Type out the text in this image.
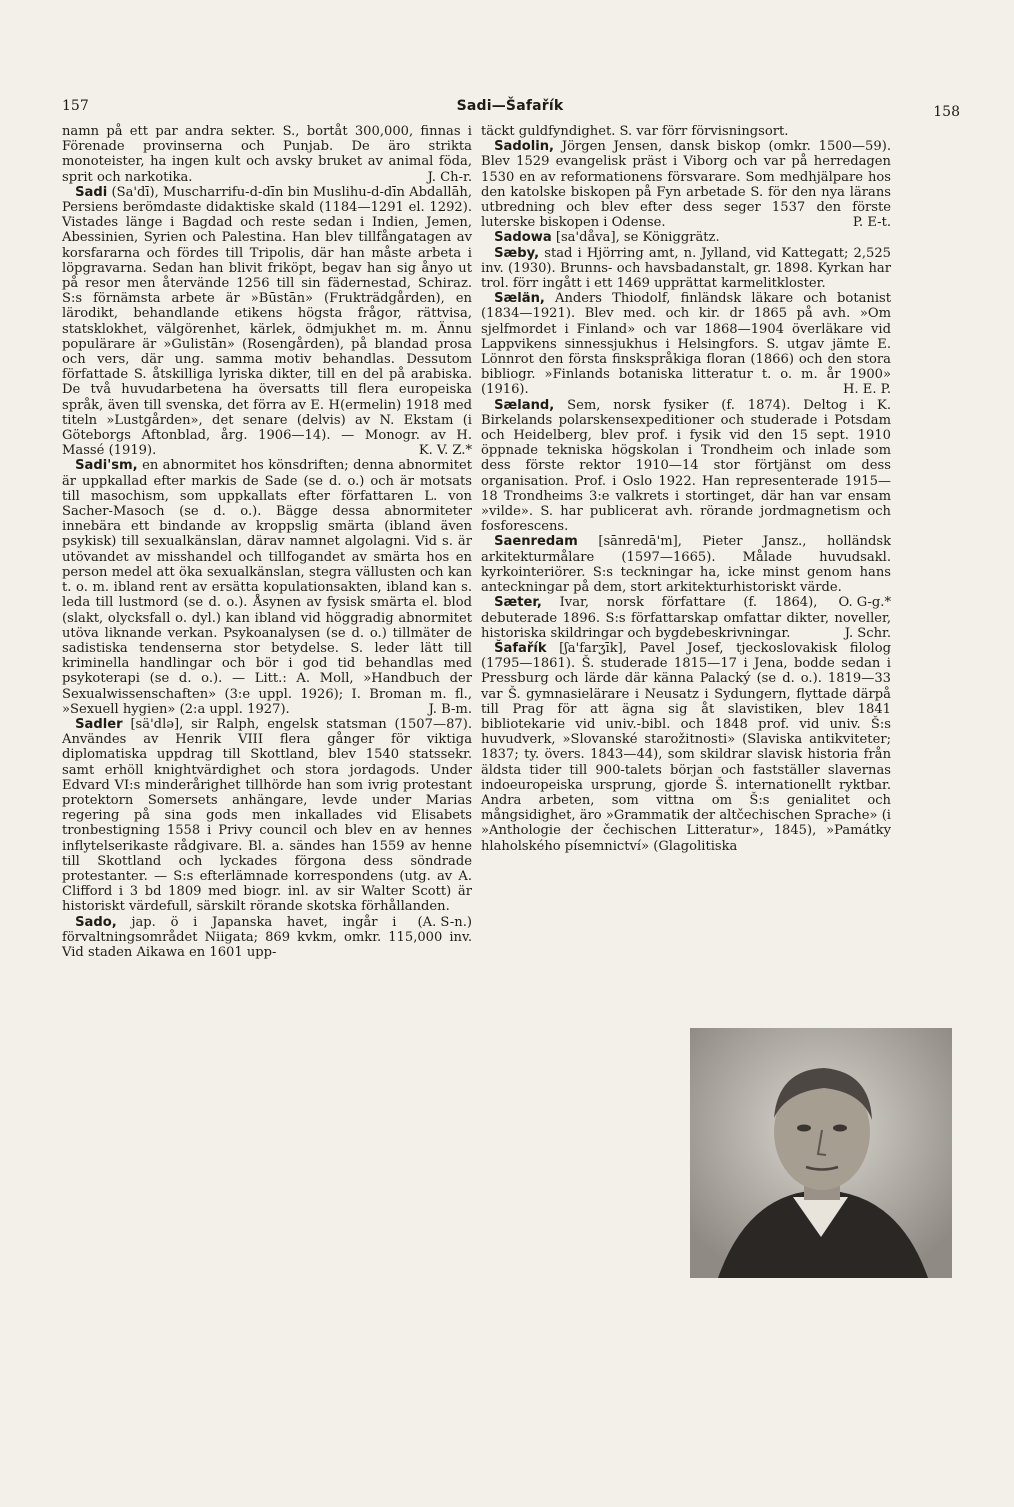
157	Sadi—Šafařík	158

namn på ett par andra sekter. S., bortåt 300,000, finnas i Förenade provinserna och Punjab. De äro strikta monoteister, ha ingen kult och avsky bruket av animal föda, sprit och narkotika.	J. Ch-r.

Sadi (Sa'dī), Muscharrifu-d-dīn bin Muslihu-d-dīn Abdallāh, Persiens berömdaste didaktiske skald (1184—1291 el. 1292). Vistades länge i Bagdad och reste sedan i Indien, Jemen, Abessinien, Syrien och Palestina. Han blev tillfångatagen av korsfararna och fördes till Tripolis, där han måste arbeta i löpgravarna. Sedan han blivit friköpt, begav han sig ånyo ut på resor men återvände 1256 till sin fädernestad, Schiraz. S:s förnämsta arbete är »Būstān» (Frukträdgården), en lärodikt, behandlande etikens högsta frågor, rättvisa, statsklokhet, välgörenhet, kärlek, ödmjukhet m. m. Ännu populärare är »Gulistān» (Rosengården), på blandad prosa och vers, där ung. samma motiv behandlas. Dessutom författade S. åtskilliga lyriska dikter, till en del på arabiska. De två huvudarbetena ha översatts till flera europeiska språk, även till svenska, det förra av E. H(ermelin) 1918 med titeln »Lustgården», det senare (delvis) av N. Ekstam (i Göteborgs Aftonblad, årg. 1906—14). — Monogr. av H. Massé (1919).	K. V. Z.*

Sadi'sm, en abnormitet hos könsdriften; denna abnormitet är uppkallad efter markis de Sade (se d. o.) och är motsats till masochism, som uppkallats efter författaren L. von Sacher-Masoch (se d. o.). Bägge dessa abnormiteter innebära ett bindande av kroppslig smärta (ibland även psykisk) till sexualkänslan, därav namnet algolagni. Vid s. är utövandet av misshandel och tillfogandet av smärta hos en person medel att öka sexualkänslan, stegra vällusten och kan t. o. m. ibland rent av ersätta kopulationsakten, ibland kan s. leda till lustmord (se d. o.). Åsynen av fysisk smärta el. blod (slakt, olycksfall o. dyl.) kan ibland vid höggradig abnormitet utöva liknande verkan. Psykoanalysen (se d. o.) tillmäter de sadistiska tendenserna stor betydelse. S. leder lätt till kriminella handlingar och bör i god tid behandlas med psykoterapi (se d. o.). — Litt.: A. Moll, »Handbuch der Sexualwissenschaften» (3:e uppl. 1926); I. Broman m. fl., »Sexuell hygien» (2:a uppl. 1927).	J. B-m.

Sadler [sä'dlə], sir Ralph, engelsk statsman (1507—87). Användes av Henrik VIII flera gånger för viktiga diplomatiska uppdrag till Skottland, blev 1540 statssekr. samt erhöll knightvärdighet och stora jordagods. Under Edvard VI:s minderårighet tillhörde han som ivrig protestant protektorn Somersets anhängare, levde under Marias regering på sina gods men inkallades vid Elisabets tronbestigning 1558 i Privy council och blev en av hennes inflytelserikaste rådgivare. Bl. a. sändes han 1559 av henne till Skottland och lyckades förgona dess söndrade protestanter. — S:s efterlämnade korrespondens (utg. av A. Clifford i 3 bd 1809 med biogr. inl. av sir Walter Scott) är historiskt värdefull, särskilt rörande skotska förhållanden.
(A. S-n.)

Sado, jap. ö i Japanska havet, ingår i förvaltningsområdet Niigata; 869 kvkm, omkr. 115,000 inv. Vid staden Aikawa en 1601 upp-

täckt guldfyndighet. S. var förr förvisningsort.

Sadolin, Jörgen Jensen, dansk biskop (omkr. 1500—59). Blev 1529 evangelisk präst i Viborg och var på herredagen 1530 en av reformationens försvarare. Som medhjälpare hos den katolske biskopen på Fyn arbetade S. för den nya lärans utbredning och blev efter dess seger 1537 den förste luterske biskopen i Odense.	P. E-t.

Sadowa [sa'dåva], se Königgrätz.

Sæby, stad i Hjörring amt, n. Jylland, vid Kattegatt; 2,525 inv. (1930). Brunns- och havsbadanstalt, gr. 1898. Kyrkan har trol. förr ingått i ett 1469 upprättat karmelitkloster.

Sælän, Anders Thiodolf, finländsk läkare och botanist (1834—1921). Blev med. och kir. dr 1865 på avh. »Om sjelfmordet i Finland» och var 1868—1904 överläkare vid Lappvikens sinnessjukhus i Helsingfors. S. utgav jämte E. Lönnrot den första finskspråkiga floran (1866) och den stora bibliogr. »Finlands botaniska litteratur t. o. m. år 1900» (1916).	H. E. P.

Sæland, Sem, norsk fysiker (f. 1874). Deltog i K. Birkelands polarskensexpeditioner och studerade i Potsdam och Heidelberg, blev prof. i fysik vid den 15 sept. 1910 öppnade tekniska högskolan i Trondheim och inlade som dess förste rektor 1910—14 stor förtjänst om dess organisation. Prof. i Oslo 1922. Han representerade 1915—18 Trondheims 3:e valkrets i stortinget, där han var ensam »vilde». S. har publicerat avh. rörande jordmagnetism och fosforescens.

Saenredam [sānredā'm], Pieter Jansz., holländsk arkitekturmålare (1597—1665). Målade huvudsakl. kyrkointeriörer. S:s teckningar ha, icke minst genom hans anteckningar på dem, stort arkitekturhistoriskt värde.
O. G-g.*

Sæter, Ivar, norsk författare (f. 1864), debuterade 1896. S:s författarskap omfattar dikter, noveller, historiska skildringar och bygdebeskrivningar.	J. Schr.

Šafařík [ʃa'farʒīk], Pavel Josef, tjeckoslovakisk filolog (1795—1861). Š. studerade 1815—17 i Jena, bodde sedan i Pressburg och lärde där känna Palacký (se d. o.). 1819—33 var Š. gymnasielärare i Neusatz i Sydungern, flyttade därpå till Prag för att ägna sig åt slavistiken, blev 1841 bibliotekarie vid univ.-bibl. och 1848 prof. vid univ. Š:s huvudverk, »Slovanské starožitnosti» (Slaviska antikviteter; 1837; ty. övers. 1843—44), som skildrar slavisk historia från äldsta tider till 900-talets början och fastställer slavernas indoeuropeiska ursprung, gjorde Š. internationellt ryktbar. Andra arbeten, som vittna om Š:s genialitet och mångsidighet, äro »Grammatik der altčechischen Sprache» (i »Anthologie der čechischen Litteratur», 1845), »Památky hlaholského písemnictví» (Glagolitiska
